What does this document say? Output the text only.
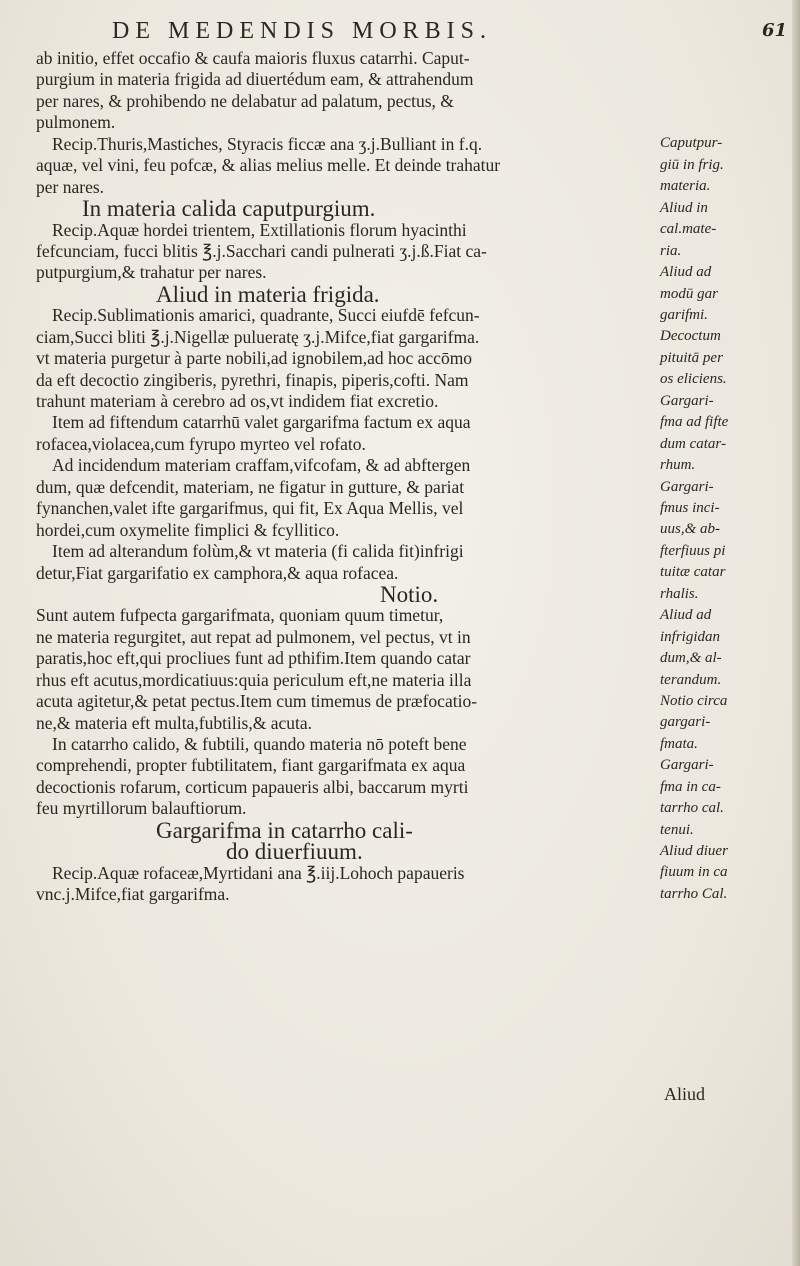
DE MEDENDIS MORBIS.	61
ab initio, effet occafio & caufa maioris fluxus catarrhi. Caput-
purgium in materia frigida ad diuertédum eam, & attrahendum
per nares, & prohibendo ne delabatur ad palatum, pectus, &
pulmonem.
Recip.Thuris,Mastiches, Styracis ficcæ ana ʒ.j.Bulliant in f.q.
aquæ, vel vini, feu pofcæ, & alias melius melle. Et deinde trahatur
per nares.
In materia calida caputpurgium.
Recip.Aquæ hordei trientem, Extillationis florum hyacinthi
fefcunciam, fucci blitis ℥.j.Sacchari candi pulnerati ʒ.j.ß.Fiat ca-
putpurgium,& trahatur per nares.
Aliud in materia frigida.
Recip.Sublimationis amarici, quadrante, Succi eiufdē fefcun-
ciam,Succi bliti ℥.j.Nigellæ pulueratę ʒ.j.Mifce,fiat gargarifma.
vt materia purgetur à parte nobili,ad ignobilem,ad hoc accōmo
da eft decoctio zingiberis, pyrethri, finapis, piperis,cofti. Nam
trahunt materiam à cerebro ad os,vt indidem fiat excretio.
Item ad fiftendum catarrhū valet gargarifma factum ex aqua
rofacea,violacea,cum fyrupo myrteo vel rofato.
Ad incidendum materiam craffam,vifcofam, & ad abftergen
dum, quæ defcendit, materiam, ne figatur in gutture, & pariat
fynanchen,valet ifte gargarifmus, qui fit, Ex Aqua Mellis, vel
hordei,cum oxymelite fimplici & fcyllitico.
Item ad alterandum folùm,& vt materia (fi calida fit)infrigi
detur,Fiat gargarifatio ex camphora,& aqua rofacea.
Notio.
Sunt autem fufpecta gargarifmata, quoniam quum timetur,
ne materia regurgitet, aut repat ad pulmonem, vel pectus, vt in
paratis,hoc eft,qui procliues funt ad pthifim.Item quando catar
rhus eft acutus,mordicatiuus:quia periculum eft,ne materia illa
acuta agitetur,& petat pectus.Item cum timemus de præfocatio-
ne,& materia eft multa,fubtilis,& acuta.
In catarrho calido, & fubtili, quando materia nō poteft bene
comprehendi, propter fubtilitatem, fiant gargarifmata ex aqua
decoctionis rofarum, corticum papaueris albi, baccarum myrti
feu myrtillorum balauftiorum.
Gargarifma in catarrho cali-
do diuerfiuum.
Recip.Aquæ rofaceæ,Myrtidani ana ℥.iij.Lohoch papaueris
vnc.j.Mifce,fiat gargarifma.
Caputpur-
giū in frig.
materia.
Aliud in
cal.mate-
ria.
Aliud ad
modū gar
garifmi.
Decoctum
pituitā per
os eliciens.
Gargari-
fma ad fifte
dum catar-
rhum.
Gargari-
fmus inci-
uus,& ab-
fterfiuus pi
tuitæ catar
rhalis.
Aliud ad
infrigidan
dum,& al-
terandum.
Notio circa
gargari-
fmata.
Gargari-
fma in ca-
tarrho cal.
tenui.
Aliud diuer
fiuum in ca
tarrho Cal.
Aliud
